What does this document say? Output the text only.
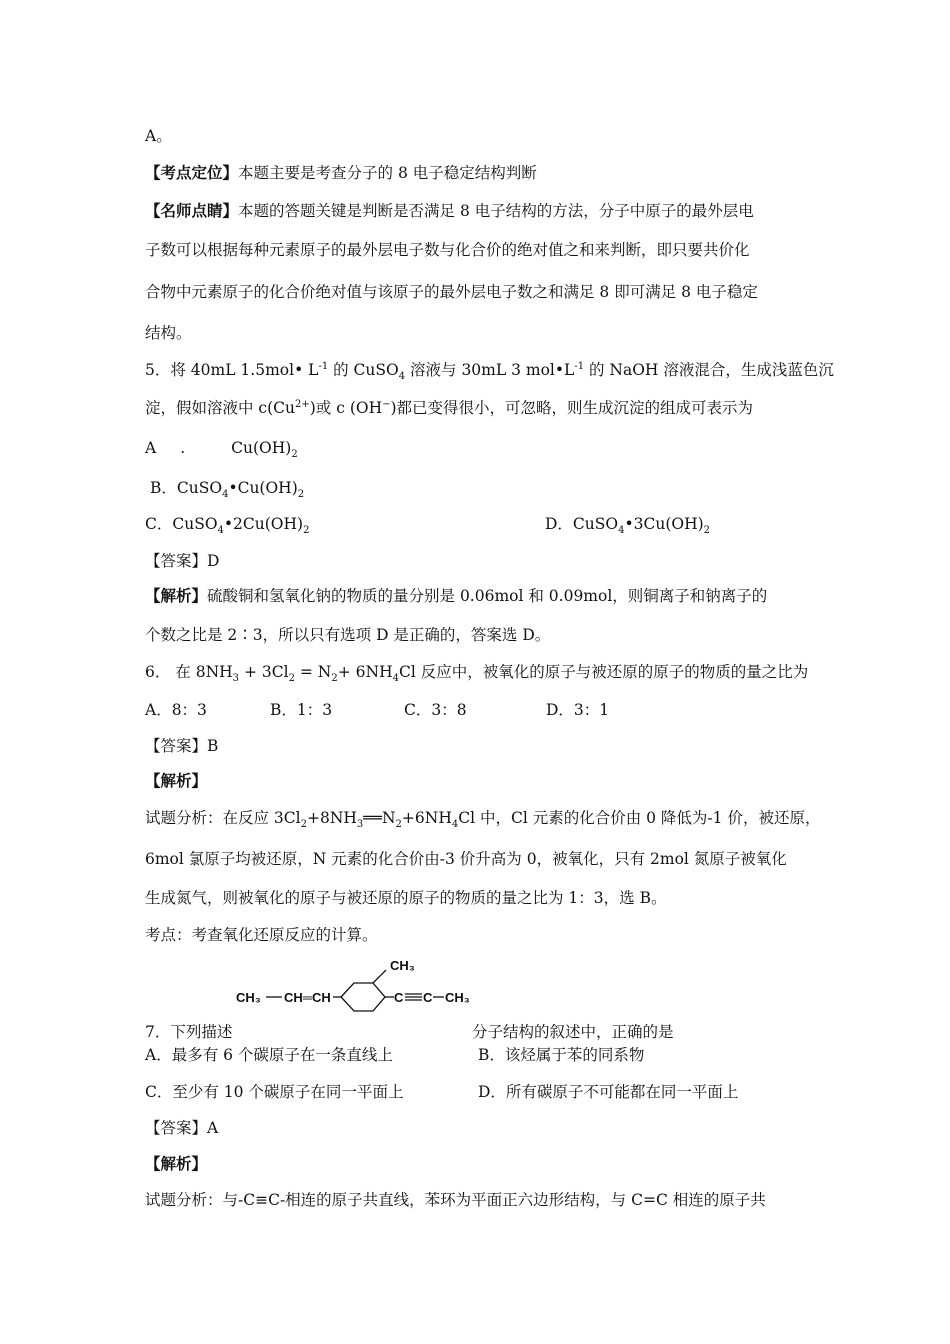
A。
【考点定位】本题主要是考查分子的 8 电子稳定结构判断
【名师点睛】本题的答题关键是判断是否满足 8 电子结构的方法，分子中原子的最外层电
子数可以根据每种元素原子的最外层电子数与化合价的绝对值之和来判断，即只要共价化
合物中元素原子的化合价绝对值与该原子的最外层电子数之和满足 8 即可满足 8 电子稳定
结构。
5．将 40mL 1.5mol• $L^{-1}$ 的 CuSO$_4$ 溶液与 30mL 3 $mol•L^{-1}$ 的 NaOH 溶液混合，生成浅蓝色沉
淀，假如溶液中 $c(Cu^{2+})$或 c (OH−)都已变得很小，可忽略，则生成沉淀的组成可表示为
A .	$Cu(OH)_2$
B．$CuSO_4•Cu(OH)_2$
C．$CuSO_4•2Cu(OH)_2$	D．$CuSO_4•3Cu(OH)_2$
【答案】D
【解析】硫酸铜和氢氧化钠的物质的量分别是 0.06mol 和 0.09mol，则铜离子和钠离子的
个数之比是 2∶3，所以只有选项 D 是正确的，答案选 D。
6． 在 $8NH_3 + 3Cl_2 = N_2+ 6NH_4Cl$ 反应中，被氧化的原子与被还原的原子的物质的量之比为
A．8：3	B．1：3	C．3：8	D．3：1
【答案】B
【解析】
试题分析：在反应 $3Cl_2+8NH_3══N_2+6NH_4Cl$ 中，Cl 元素的化合价由 0 降低为-1 价，被还原，
6mol 氯原子均被还原，N 元素的化合价由-3 价升高为 0，被氧化，只有 2mol 氮原子被氧化
生成氮气，则被氧化的原子与被还原的原子的物质的量之比为 1：3，选 B。
考点：考查氧化还原反应的计算。
7．下列描述
CH₃ CH═CH
CH₃
CH₃
C C
分子结构的叙述中，正确的是
A．最多有 6 个碳原子在一条直线上	B．该烃属于苯的同系物
C．至少有 10 个碳原子在同一平面上	D．所有碳原子不可能都在同一平面上
【答案】A
【解析】
试题分析：与-C≡C-相连的原子共直线，苯环为平面正六边形结构，与 C=C 相连的原子共
